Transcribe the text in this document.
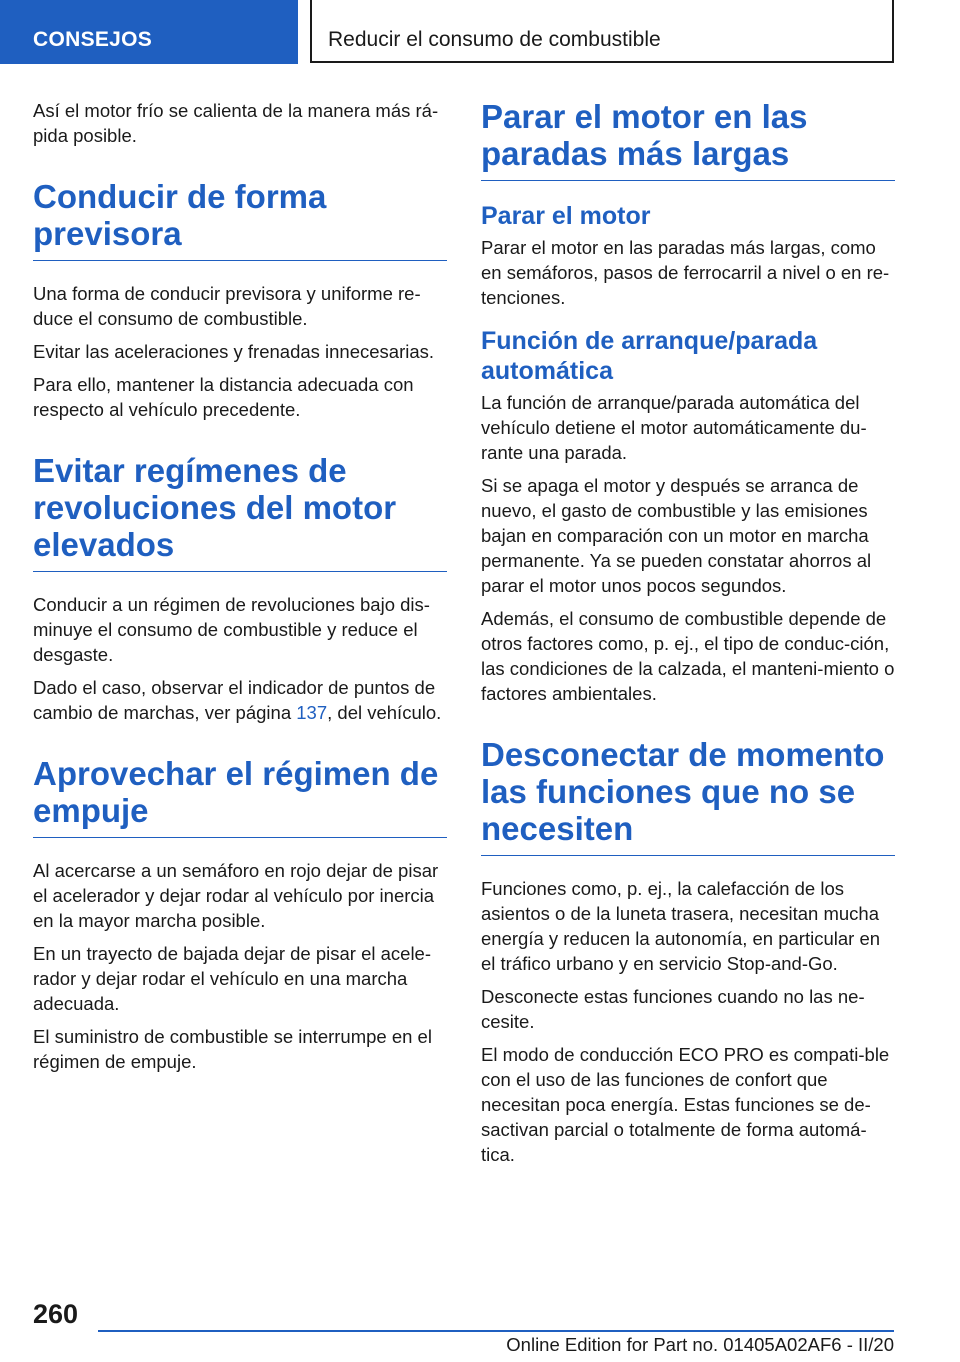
CONSEJOS	Reducir el consumo de combustible

Así el motor frío se calienta de la manera más rá-pida posible.

Conducir de forma previsora

Una forma de conducir previsora y uniforme re-duce el consumo de combustible.

Evitar las aceleraciones y frenadas innecesarias.

Para ello, mantener la distancia adecuada con respecto al vehículo precedente.

Evitar regímenes de revoluciones del motor elevados

Conducir a un régimen de revoluciones bajo dis-minuye el consumo de combustible y reduce el desgaste.

Dado el caso, observar el indicador de puntos de cambio de marchas, ver página 137, del vehículo.

Aprovechar el régimen de empuje

Al acercarse a un semáforo en rojo dejar de pisar el acelerador y dejar rodar al vehículo por inercia en la mayor marcha posible.

En un trayecto de bajada dejar de pisar el acele-rador y dejar rodar el vehículo en una marcha adecuada.

El suministro de combustible se interrumpe en el régimen de empuje.

Parar el motor en las paradas más largas
Parar el motor

Parar el motor en las paradas más largas, como en semáforos, pasos de ferrocarril a nivel o en re-tenciones.

Función de arranque/parada automática

La función de arranque/parada automática del vehículo detiene el motor automáticamente du-rante una parada.

Si se apaga el motor y después se arranca de nuevo, el gasto de combustible y las emisiones bajan en comparación con un motor en marcha permanente. Ya se pueden constatar ahorros al parar el motor unos pocos segundos.

Además, el consumo de combustible depende de otros factores como, p. ej., el tipo de conduc-ción, las condiciones de la calzada, el manteni-miento o factores ambientales.

Desconectar de momento las funciones que no se necesiten

Funciones como, p. ej., la calefacción de los asientos o de la luneta trasera, necesitan mucha energía y reducen la autonomía, en particular en el tráfico urbano y en servicio Stop-and-Go.

Desconecte estas funciones cuando no las ne-cesite.

El modo de conducción ECO PRO es compati-ble con el uso de las funciones de confort que necesitan poca energía. Estas funciones se de-sactivan parcial o totalmente de forma automá-tica.

260
Online Edition for Part no. 01405A02AF6 - II/20
